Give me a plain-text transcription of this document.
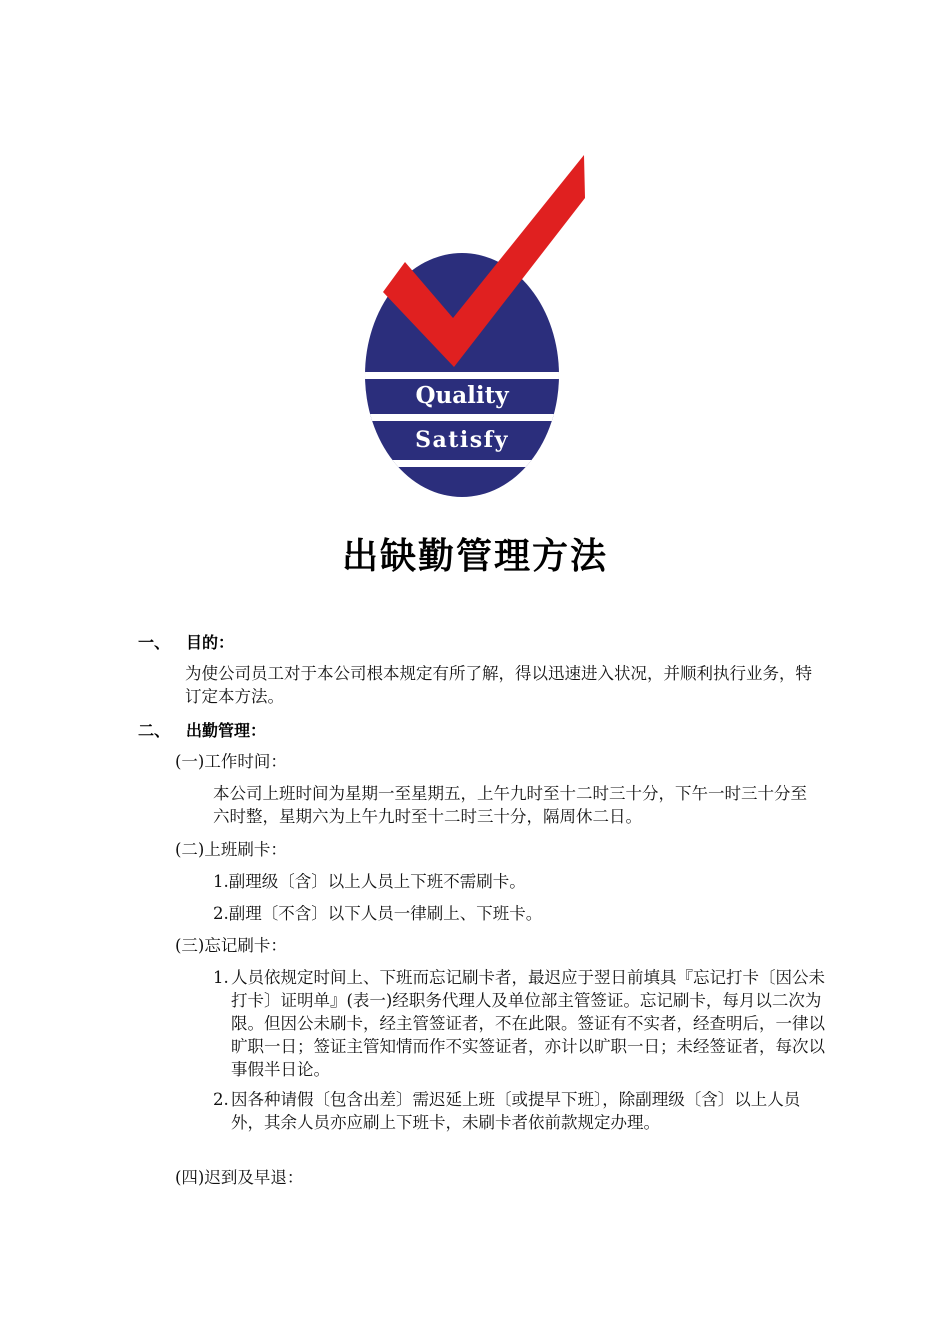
Quality
Satisfy
出缺勤管理方法
一、 目的：
为使公司员工对于本公司根本规定有所了解，得以迅速进入状况，并顺利执行业务，特订定本方法。
二、 出勤管理：
(一)工作时间：
本公司上班时间为星期一至星期五，上午九时至十二时三十分，下午一时三十分至六时整，星期六为上午九时至十二时三十分，隔周休二日。
(二)上班刷卡：
1.副理级〔含〕以上人员上下班不需刷卡。
2.副理〔不含〕以下人员一律刷上、下班卡。
(三)忘记刷卡：
1. 人员依规定时间上、下班而忘记刷卡者，最迟应于翌日前填具『忘记打卡〔因公未打卡〕证明单』(表一)经职务代理人及单位部主管签证。忘记刷卡，每月以二次为限。但因公未刷卡，经主管签证者，不在此限。签证有不实者，经查明后，一律以旷职一日；签证主管知情而作不实签证者，亦计以旷职一日；未经签证者，每次以事假半日论。
2. 因各种请假〔包含出差〕需迟延上班〔或提早下班〕，除副理级〔含〕以上人员外，其余人员亦应刷上下班卡，未刷卡者依前款规定办理。
(四)迟到及早退：
